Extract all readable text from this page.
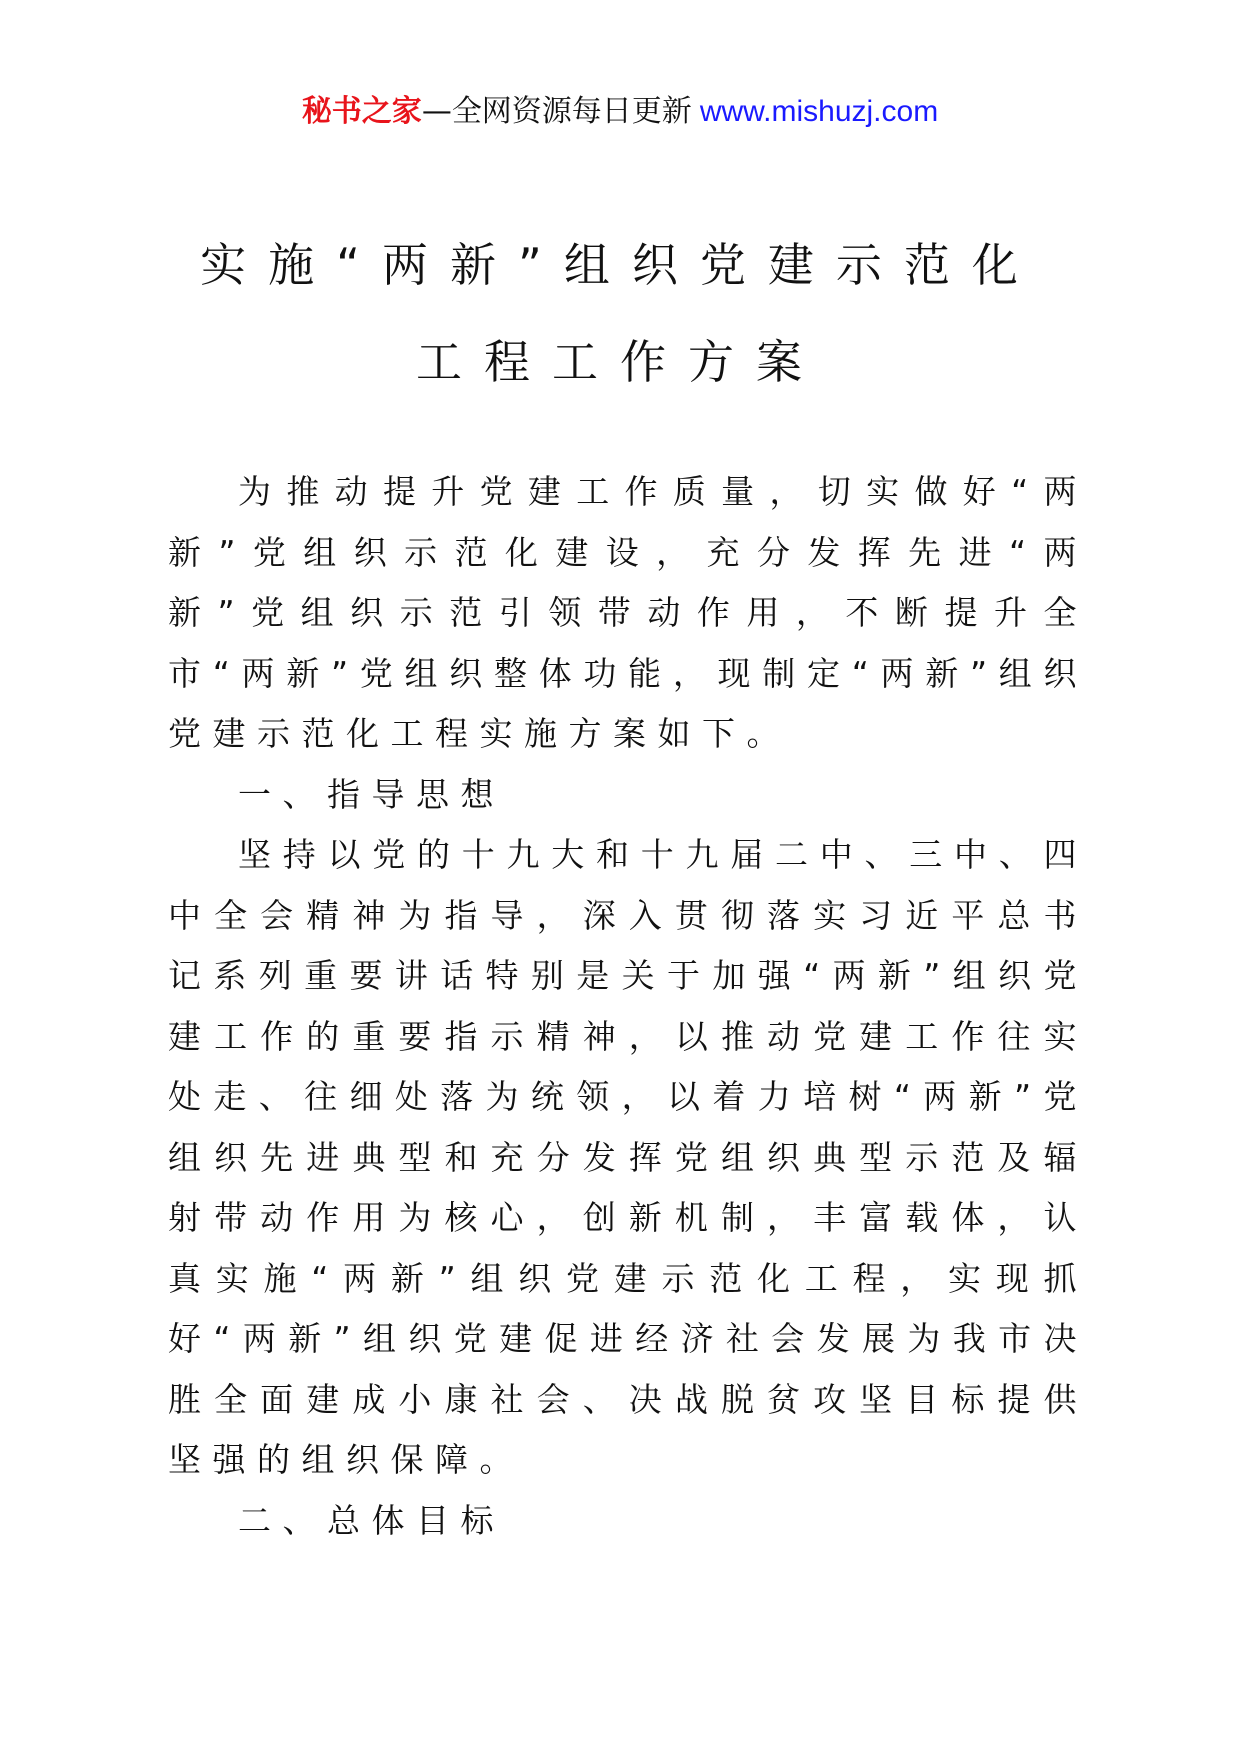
秘书之家—全网资源每日更新 www.mishuzj.com
实施“两新”组织党建示范化
工程工作方案

为推动提升党建工作质量，切实做好“两新”党组织示范化建设，充分发挥先进“两新”党组织示范引领带动作用，不断提升全市“两新”党组织整体功能，现制定“两新”组织党建示范化工程实施方案如下。

一、指导思想

坚持以党的十九大和十九届二中、三中、四中全会精神为指导，深入贯彻落实习近平总书记系列重要讲话特别是关于加强“两新”组织党建工作的重要指示精神，以推动党建工作往实处走、往细处落为统领，以着力培树“两新”党组织先进典型和充分发挥党组织典型示范及辐射带动作用为核心，创新机制，丰富载体，认真实施“两新”组织党建示范化工程，实现抓好“两新”组织党建促进经济社会发展为我市决胜全面建成小康社会、决战脱贫攻坚目标提供坚强的组织保障。

二、总体目标
